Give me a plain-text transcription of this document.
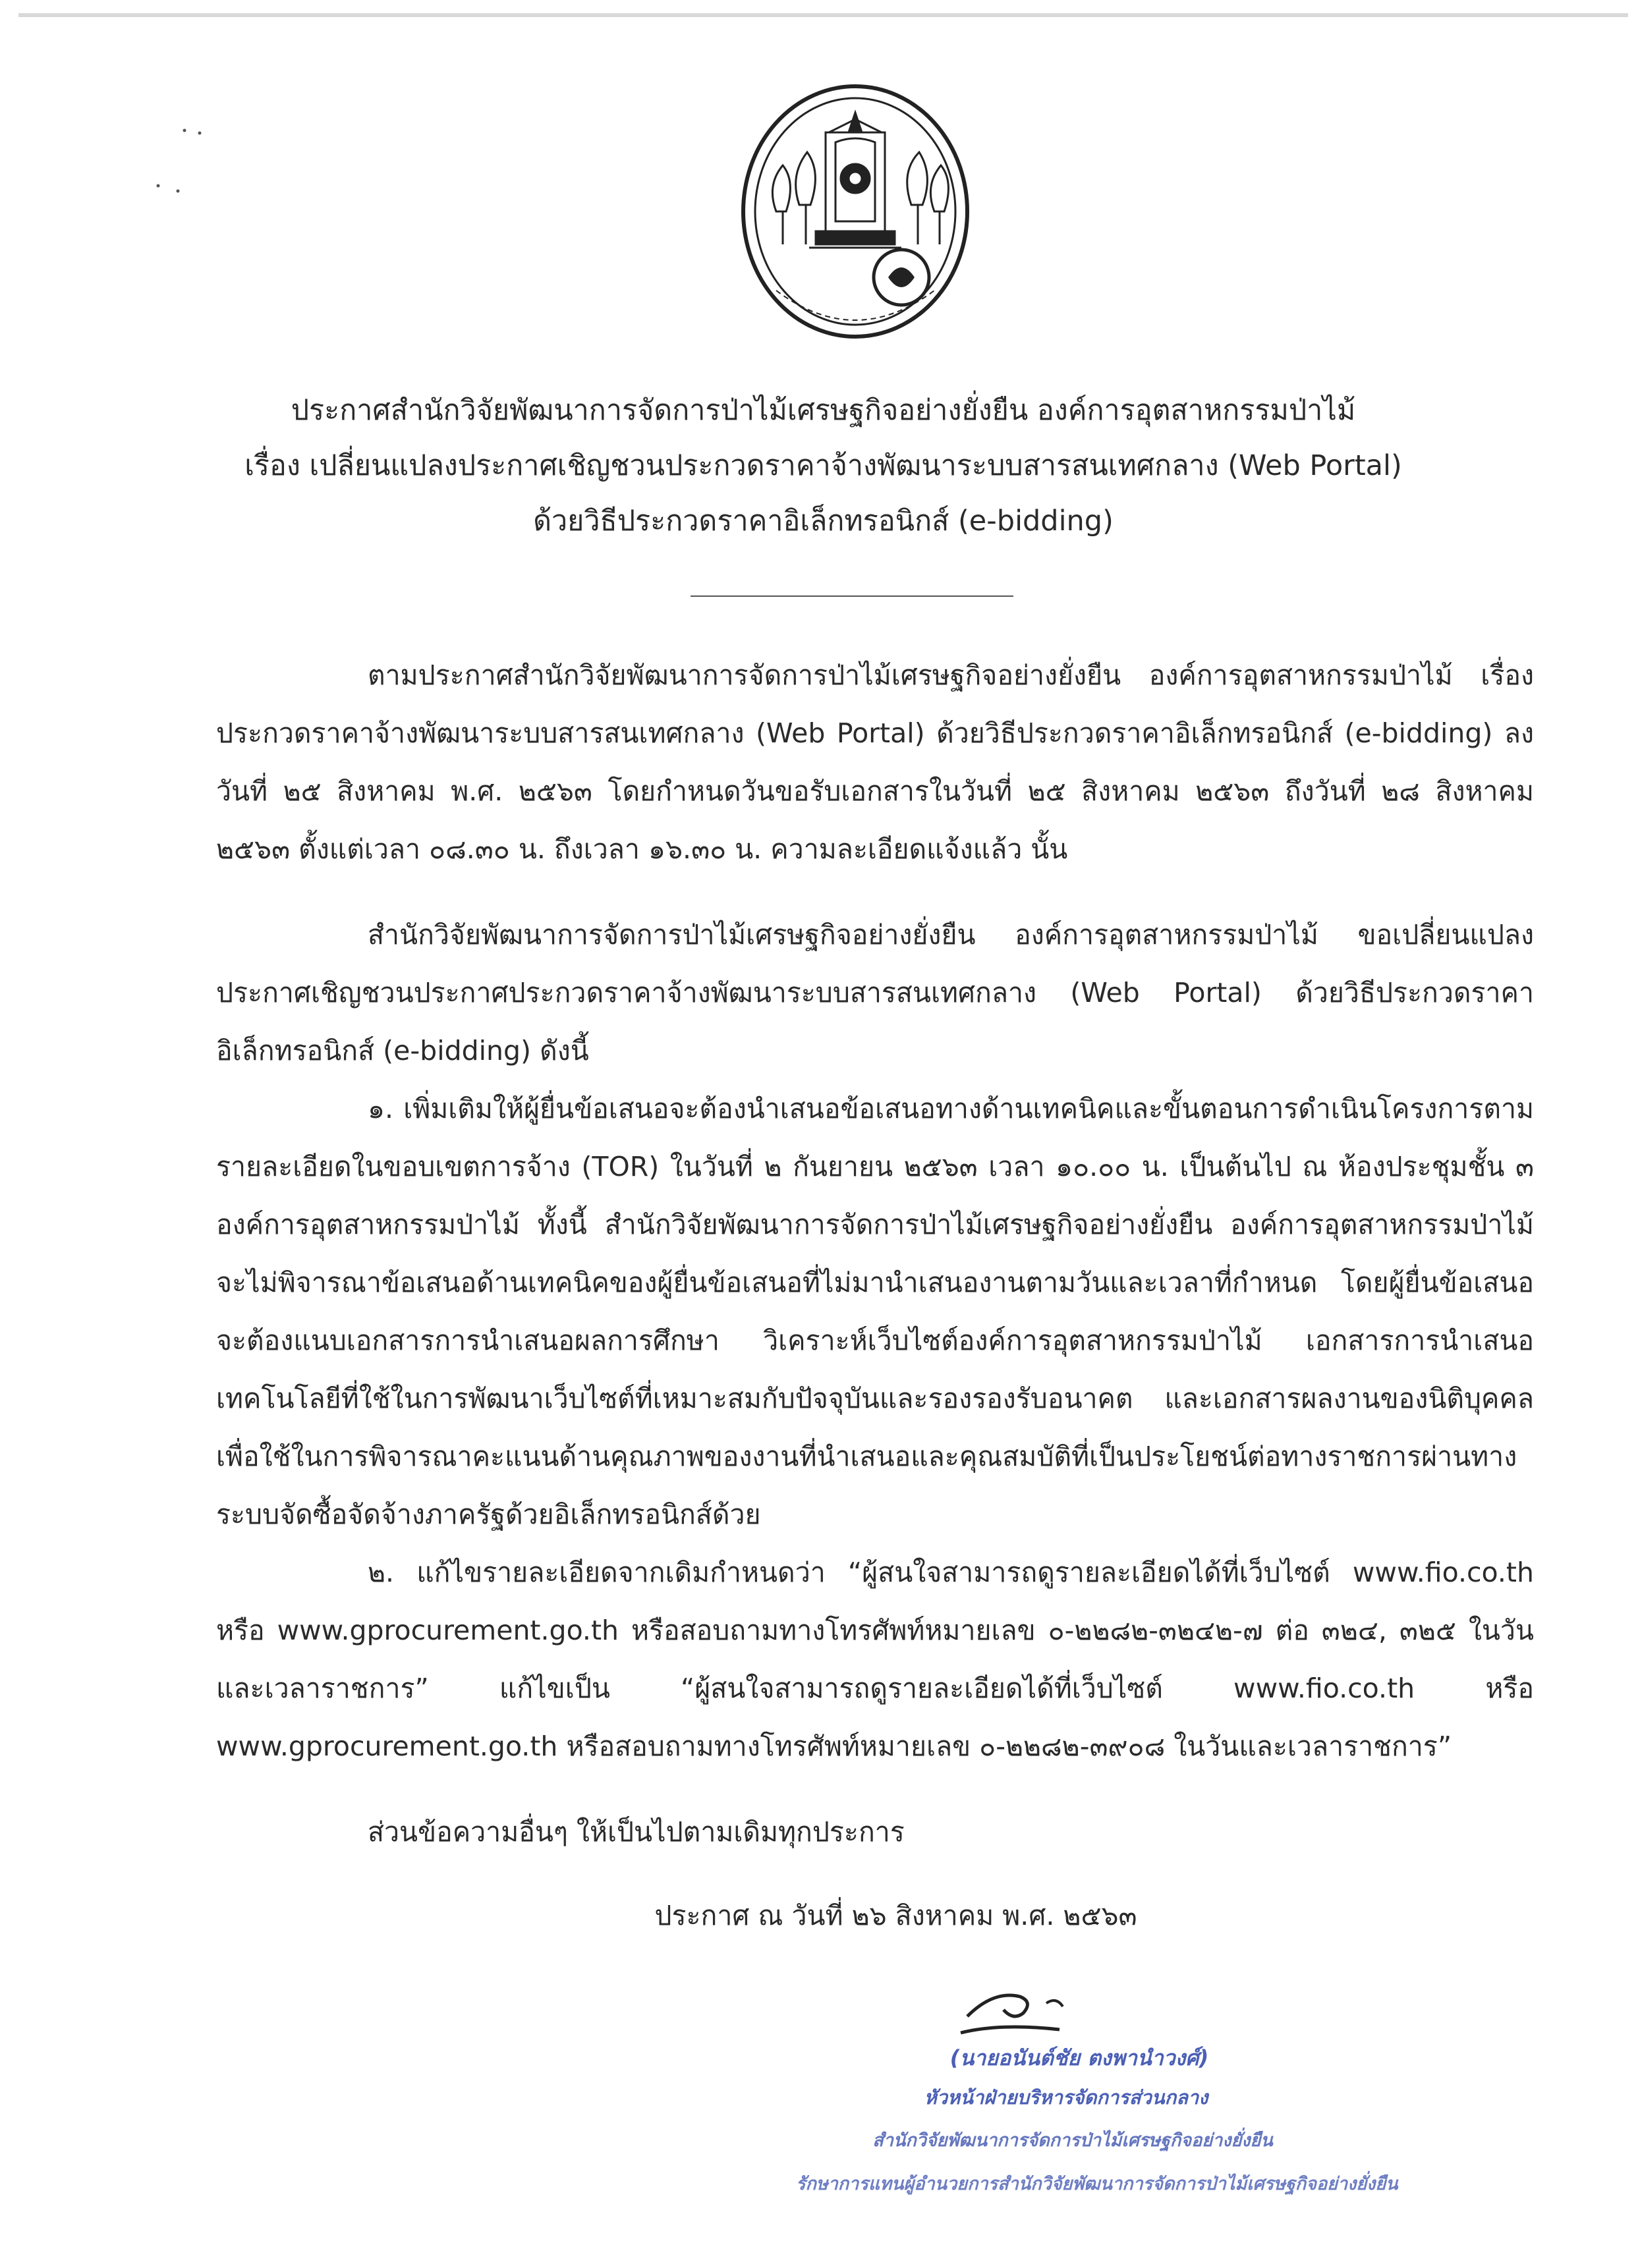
ประกาศสำนักวิจัยพัฒนาการจัดการป่าไม้เศรษฐกิจอย่างยั่งยืน องค์การอุตสาหกรรมป่าไม้
เรื่อง เปลี่ยนแปลงประกาศเชิญชวนประกวดราคาจ้างพัฒนาระบบสารสนเทศกลาง (Web Portal)
ด้วยวิธีประกวดราคาอิเล็กทรอนิกส์ (e-bidding)

ตามประกาศสำนักวิจัยพัฒนาการจัดการป่าไม้เศรษฐกิจอย่างยั่งยืน องค์การอุตสาหกรรมป่าไม้ เรื่อง ประกวดราคาจ้างพัฒนาระบบสารสนเทศกลาง (Web Portal) ด้วยวิธีประกวดราคาอิเล็กทรอนิกส์ (e-bidding) ลงวันที่ ๒๕ สิงหาคม พ.ศ. ๒๕๖๓ โดยกำหนดวันขอรับเอกสารในวันที่ ๒๕ สิงหาคม ๒๕๖๓ ถึงวันที่ ๒๘ สิงหาคม ๒๕๖๓ ตั้งแต่เวลา ๐๘.๓๐ น. ถึงเวลา ๑๖.๓๐ น. ความละเอียดแจ้งแล้ว นั้น

สำนักวิจัยพัฒนาการจัดการป่าไม้เศรษฐกิจอย่างยั่งยืน องค์การอุตสาหกรรมป่าไม้ ขอเปลี่ยนแปลงประกาศเชิญชวนประกาศประกวดราคาจ้างพัฒนาระบบสารสนเทศกลาง (Web Portal) ด้วยวิธีประกวดราคาอิเล็กทรอนิกส์ (e-bidding) ดังนี้

๑. เพิ่มเติมให้ผู้ยื่นข้อเสนอจะต้องนำเสนอข้อเสนอทางด้านเทคนิคและขั้นตอนการดำเนินโครงการตามรายละเอียดในขอบเขตการจ้าง (TOR) ในวันที่ ๒ กันยายน ๒๕๖๓ เวลา ๑๐.๐๐ น. เป็นต้นไป ณ ห้องประชุมชั้น ๓ องค์การอุตสาหกรรมป่าไม้ ทั้งนี้ สำนักวิจัยพัฒนาการจัดการป่าไม้เศรษฐกิจอย่างยั่งยืน องค์การอุตสาหกรรมป่าไม้ จะไม่พิจารณาข้อเสนอด้านเทคนิคของผู้ยื่นข้อเสนอที่ไม่มานำเสนองานตามวันและเวลาที่กำหนด โดยผู้ยื่นข้อเสนอจะต้องแนบเอกสารการนำเสนอผลการศึกษา วิเคราะห์เว็บไซต์องค์การอุตสาหกรรมป่าไม้ เอกสารการนำเสนอเทคโนโลยีที่ใช้ในการพัฒนาเว็บไซต์ที่เหมาะสมกับปัจจุบันและรองรองรับอนาคต และเอกสารผลงานของนิติบุคคล เพื่อใช้ในการพิจารณาคะแนนด้านคุณภาพของงานที่นำเสนอและคุณสมบัติที่เป็นประโยชน์ต่อทางราชการผ่านทางระบบจัดซื้อจัดจ้างภาครัฐด้วยอิเล็กทรอนิกส์ด้วย

๒. แก้ไขรายละเอียดจากเดิมกำหนดว่า “ผู้สนใจสามารถดูรายละเอียดได้ที่เว็บไซต์ www.fio.co.th หรือ www.gprocurement.go.th หรือสอบถามทางโทรศัพท์หมายเลข ๐-๒๒๘๒-๓๒๔๒-๗ ต่อ ๓๒๔, ๓๒๕ ในวันและเวลาราชการ” แก้ไขเป็น “ผู้สนใจสามารถดูรายละเอียดได้ที่เว็บไซต์ www.fio.co.th หรือ www.gprocurement.go.th หรือสอบถามทางโทรศัพท์หมายเลข ๐-๒๒๘๒-๓๙๐๘ ในวันและเวลาราชการ”

ส่วนข้อความอื่นๆ ให้เป็นไปตามเดิมทุกประการ

ประกาศ ณ วันที่ ๒๖ สิงหาคม พ.ศ. ๒๕๖๓
(นายอนันต์ชัย ตงพานำวงศ์)
หัวหน้าฝ่ายบริหารจัดการส่วนกลาง
สำนักวิจัยพัฒนาการจัดการป่าไม้เศรษฐกิจอย่างยั่งยืน
รักษาการแทนผู้อำนวยการสำนักวิจัยพัฒนาการจัดการป่าไม้เศรษฐกิจอย่างยั่งยืน
